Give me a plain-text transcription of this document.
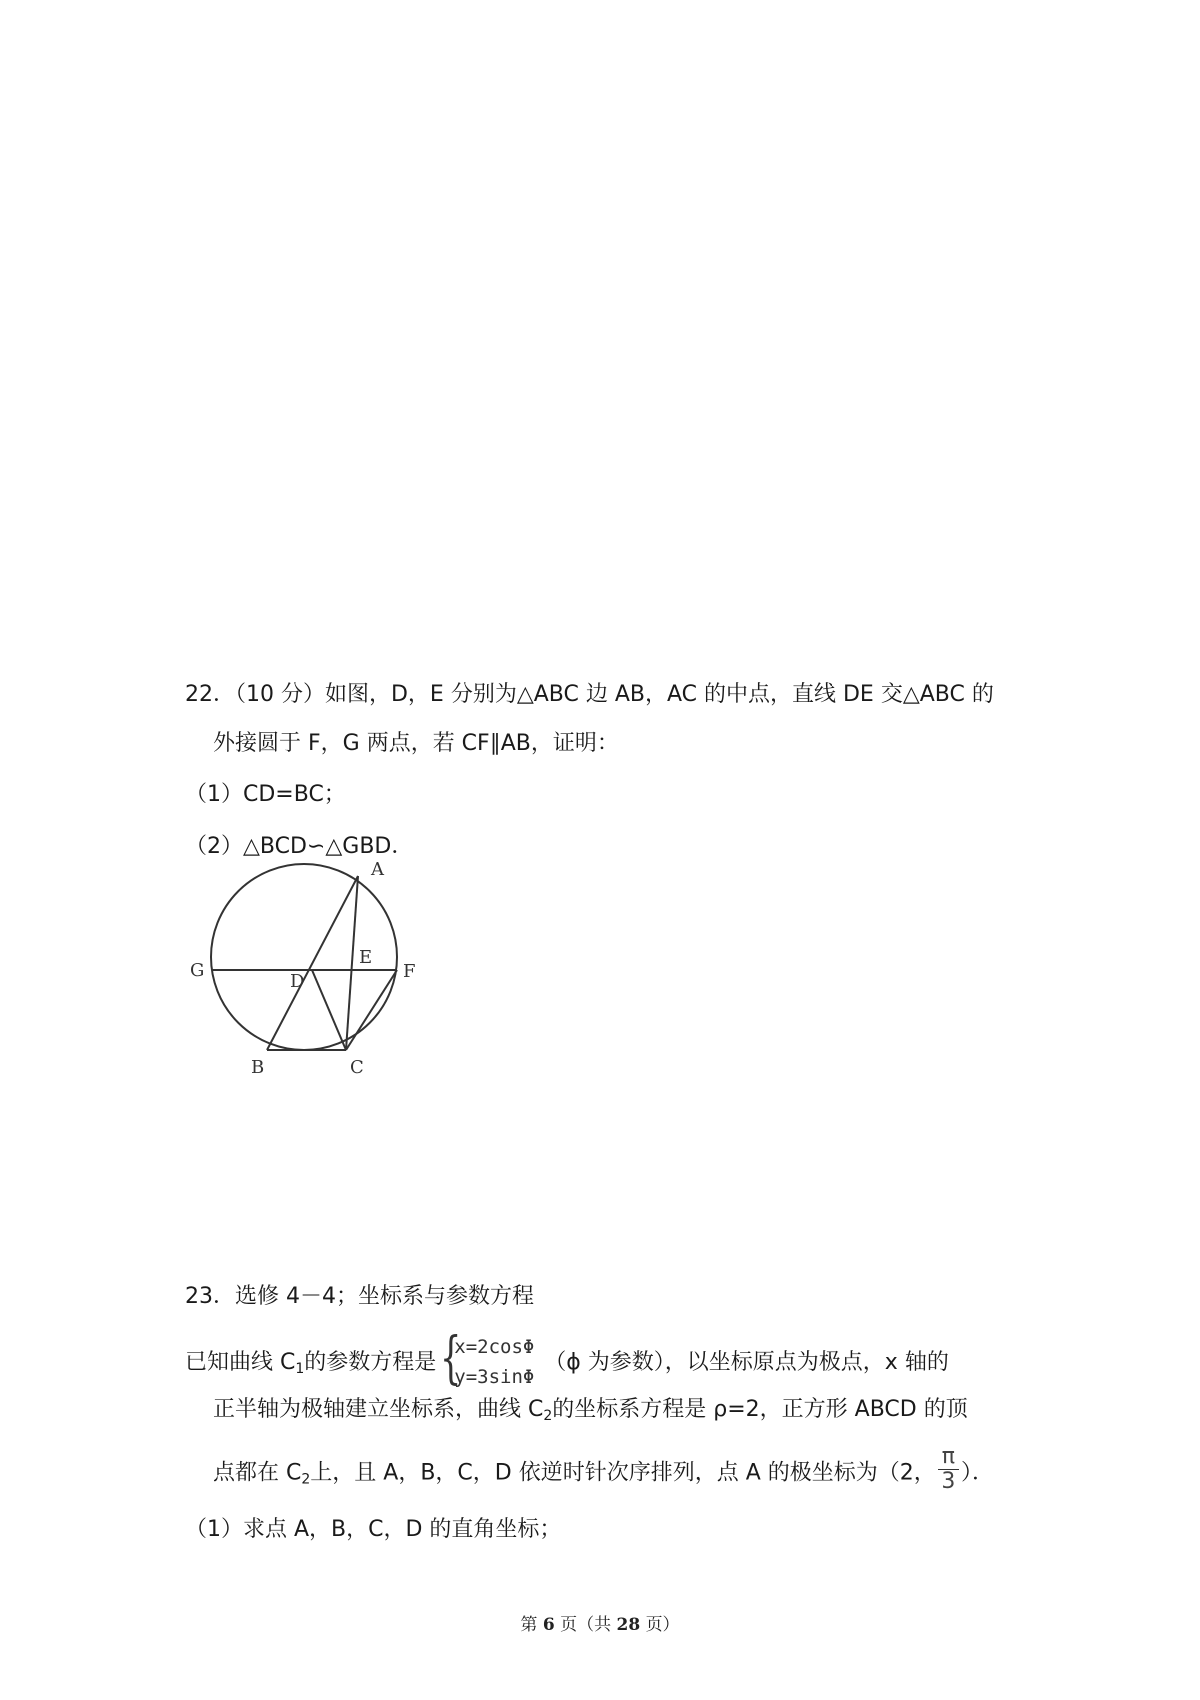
22．（10 分）如图，D，E 分别为△ABC 边 AB，AC 的中点，直线 DE 交△ABC 的
外接圆于 F，G 两点，若 CF∥AB，证明：
（1）CD=BC；
（2）△BCD∽△GBD．
A
E
F
G
D
B	C
23．选修 4－4；坐标系与参数方程
已知曲线 $C_1$的参数方程是 {
x=2cosΦ
y=3sinΦ
（ϕ 为参数），以坐标原点为极点，x 轴的
正半轴为极轴建立坐标系，曲线 $C_2$的坐标系方程是 ρ=2，正方形 ABCD 的顶
点都在 $C_2$上，且 A，B，C，D 依逆时针次序排列，点 A 的极坐标为（2， $\frac{\pi}{3}$ ）．
（1）求点 A，B，C，D 的直角坐标；
第 6 页（共 28 页）
